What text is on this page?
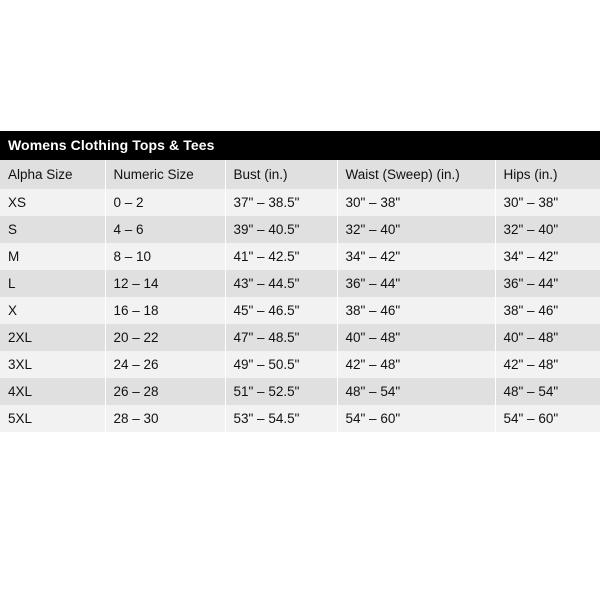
Womens Clothing Tops & Tees				
Alpha Size	Numeric Size	Bust (in.)	Waist (Sweep) (in.)	Hips (in.)
XS	0 – 2	37" – 38.5"	30" – 38"	30" – 38"
S	4 – 6	39" – 40.5"	32" – 40"	32" – 40"
M	8 – 10	41" – 42.5"	34" – 42"	34" – 42"
L	12 – 14	43" – 44.5"	36" – 44"	36" – 44"
X	16 – 18	45" – 46.5"	38" – 46"	38" – 46"
2XL	20 – 22	47" – 48.5"	40" – 48"	40" – 48"
3XL	24 – 26	49" – 50.5"	42" – 48"	42" – 48"
4XL	26 – 28	51" – 52.5"	48" – 54"	48" – 54"
5XL	28 – 30	53" – 54.5"	54" – 60"	54" – 60"
